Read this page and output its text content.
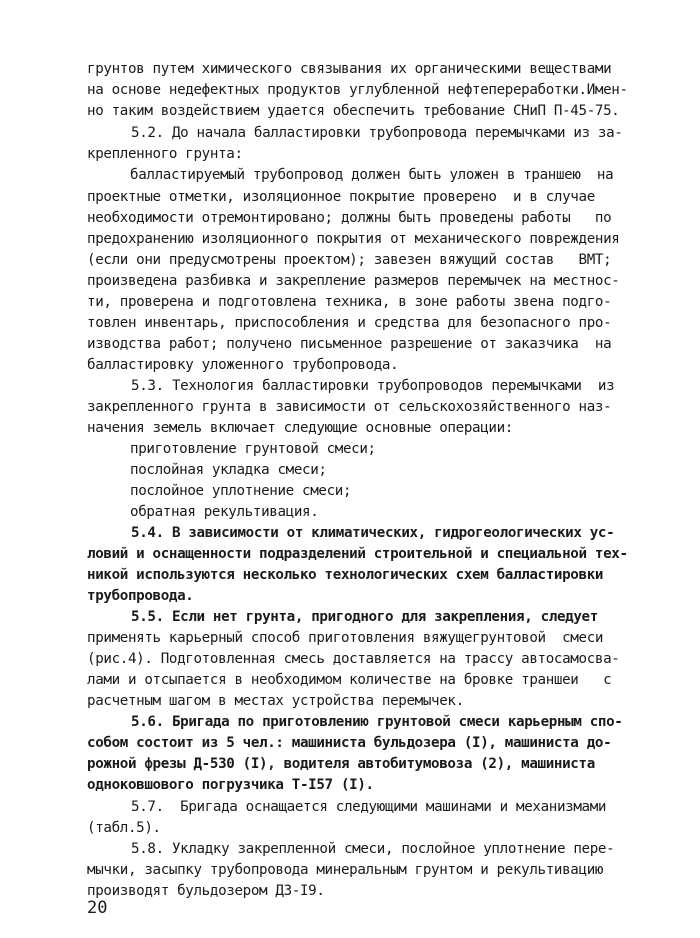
грунтов путем химического связывания их органическими веществами
на основе недефектных продуктов углубленной нефтепереработки.Имен-
но таким воздействием удается обеспечить требование СНиП П-45-75.
5.2. До начала балластировки трубопровода перемычками из за-
крепленного грунта:
балластируемый трубопровод должен быть уложен в траншею  на
проектные отметки, изоляционное покрытие проверено  и в случае
необходимости отремонтировано; должны быть проведены работы   по
предохранению изоляционного покрытия от механического повреждения
(если они предусмотрены проектом); завезен вяжущий состав   ВМТ;
произведена разбивка и закрепление размеров перемычек на местнос-
ти, проверена и подготовлена техника, в зоне работы звена подго-
товлен инвентарь, приспособления и средства для безопасного про-
изводства работ; получено письменное разрешение от заказчика  на
балластировку уложенного трубопровода.
5.3. Технология балластировки трубопроводов перемычками  из
закрепленного грунта в зависимости от сельскохозяйственного наз-
начения земель включает следующие основные операции:
приготовление грунтовой смеси;
послойная укладка смеси;
послойное уплотнение смеси;
обратная рекультивация.
5.4. В зависимости от климатических, гидрогеологических ус-
ловий и оснащенности подразделений строительной и специальной тех-
никой используются несколько технологических схем балластировки
трубопровода.
5.5. Если нет грунта, пригодного для закрепления, следует
применять карьерный способ приготовления вяжущегрунтовой  смеси
(рис.4). Подготовленная смесь доставляется на трассу автосамосва-
лами и отсыпается в необходимом количестве на бровке траншеи   с
расчетным шагом в местах устройства перемычек.
5.6. Бригада по приготовлению грунтовой смеси карьерным спо-
собом состоит из 5 чел.: машиниста бульдозера (I), машиниста до-
рожной фрезы Д-530 (I), водителя автобитумовоза (2), машиниста
одноковшового погрузчика Т-I57 (I).
5.7.  Бригада оснащается следующими машинами и механизмами
(табл.5).
5.8. Укладку закрепленной смеси, послойное уплотнение пере-
мычки, засыпку трубопровода минеральным грунтом и рекультивацию
производят бульдозером ДЗ-I9.
20
